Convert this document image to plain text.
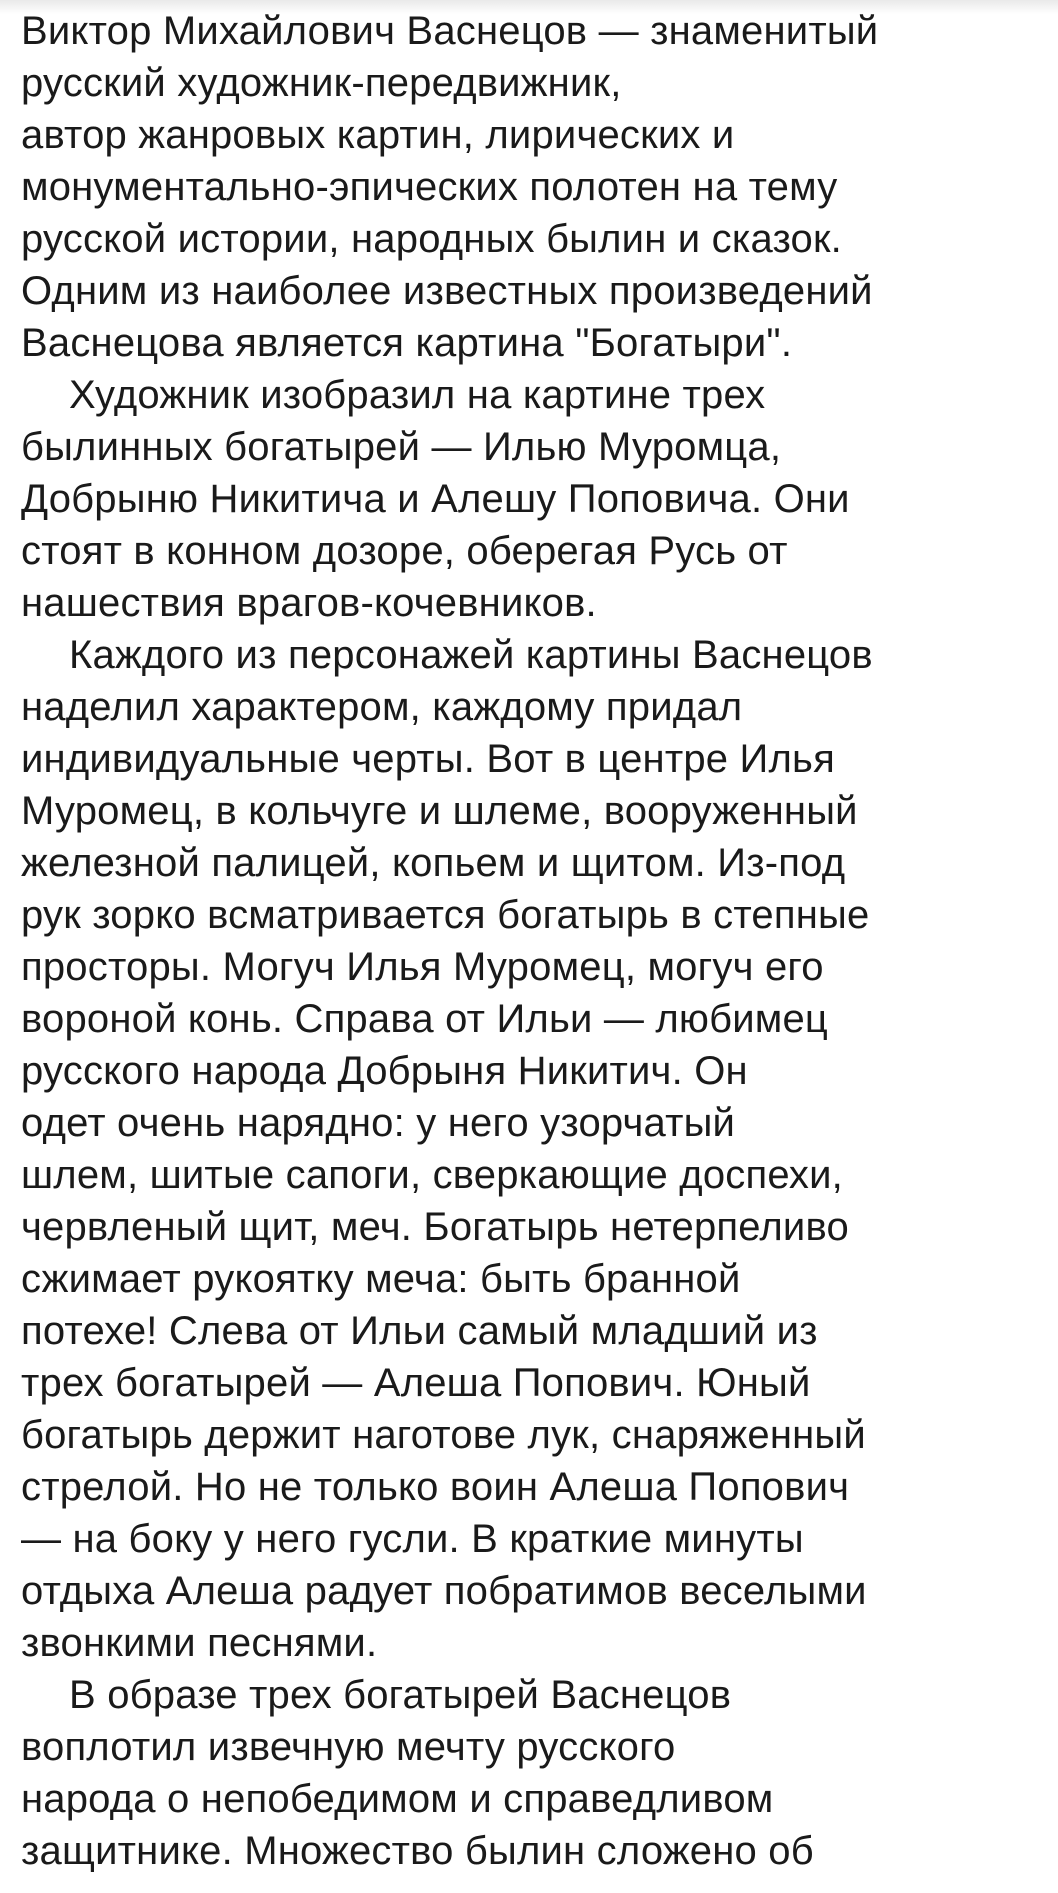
Виктор Михайлович Васнецов — знаменитый
русский художник-передвижник,
автор жанровых картин, лирических и
монументально-эпических полотен на тему
русской истории, народных былин и сказок.
Одним из наиболее известных произведений
Васнецова является картина "Богатыри".
Художник изобразил на картине трех
былинных богатырей — Илью Муромца,
Добрыню Никитича и Алешу Поповича. Они
стоят в конном дозоре, оберегая Русь от
нашествия врагов-кочевников.
Каждого из персонажей картины Васнецов
наделил характером, каждому придал
индивидуальные черты. Вот в центре Илья
Муромец, в кольчуге и шлеме, вооруженный
железной палицей, копьем и щитом. Из-под
рук зорко всматривается богатырь в степные
просторы. Могуч Илья Муромец, могуч его
вороной конь. Справа от Ильи — любимец
русского народа Добрыня Никитич. Он
одет очень нарядно: у него узорчатый
шлем, шитые сапоги, сверкающие доспехи,
червленый щит, меч. Богатырь нетерпеливо
сжимает рукоятку меча: быть бранной
потехе! Слева от Ильи самый младший из
трех богатырей — Алеша Попович. Юный
богатырь держит наготове лук, снаряженный
стрелой. Но не только воин Алеша Попович
— на боку у него гусли. В краткие минуты
отдыха Алеша радует побратимов веселыми
звонкими песнями.
В образе трех богатырей Васнецов
воплотил извечную мечту русского
народа о непобедимом и справедливом
защитнике. Множество былин сложено об
